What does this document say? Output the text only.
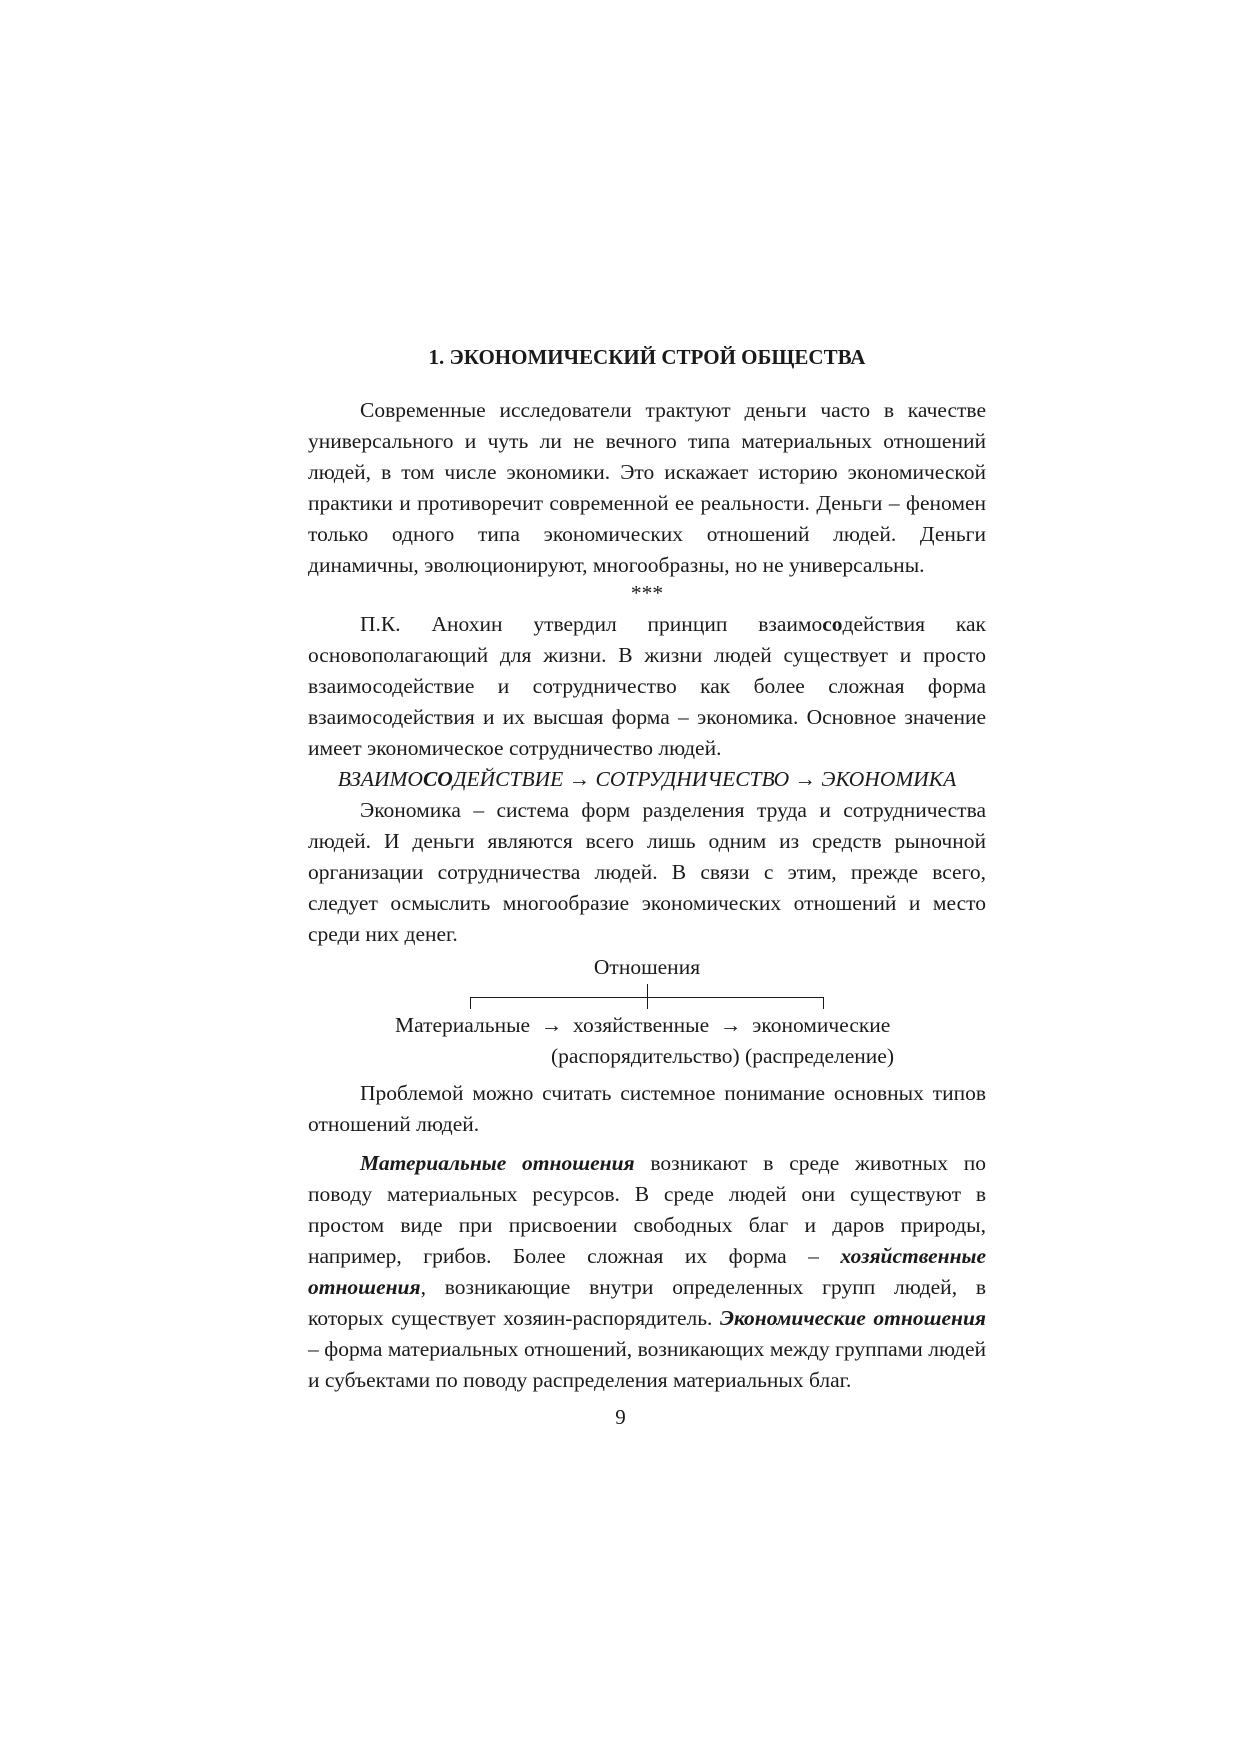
1. ЭКОНОМИЧЕСКИЙ СТРОЙ ОБЩЕСТВА

Современные исследователи трактуют деньги часто в качестве универсального и чуть ли не вечного типа материальных отношений людей, в том числе экономики. Это искажает историю экономической практики и противоречит современной ее реальности. Деньги – феномен только одного типа экономических отношений людей. Деньги динамичны, эволюционируют, многообразны, но не универсальны.

***

П.К. Анохин утвердил принцип взаимосодействия как основополагающий для жизни. В жизни людей существует и просто взаимосодействие и сотрудничество как более сложная форма взаимосодействия и их высшая форма – экономика. Основное значение имеет экономическое сотрудничество людей.

ВЗАИМОСОДЕЙСТВИЕ → СОТРУДНИЧЕСТВО → ЭКОНОМИКА

Экономика – система форм разделения труда и сотрудничества людей. И деньги являются всего лишь одним из средств рыночной организации сотрудничества людей. В связи с этим, прежде всего, следует осмыслить многообразие экономических отношений и место среди них денег.

Отношения
Материальные  →  хозяйственные  →  экономические
(распорядительство) (распределение)

Проблемой можно считать системное понимание основных типов отношений людей.

Материальные отношения возникают в среде животных по поводу материальных ресурсов. В среде людей они существуют в простом виде при присвоении свободных благ и даров природы, например, грибов. Более сложная их форма – хозяйственные отношения, возникающие внутри определенных групп людей, в которых существует хозяин-распорядитель. Экономические отношения – форма материальных отношений, возникающих между группами людей и субъектами по поводу распределения материальных благ.

9
